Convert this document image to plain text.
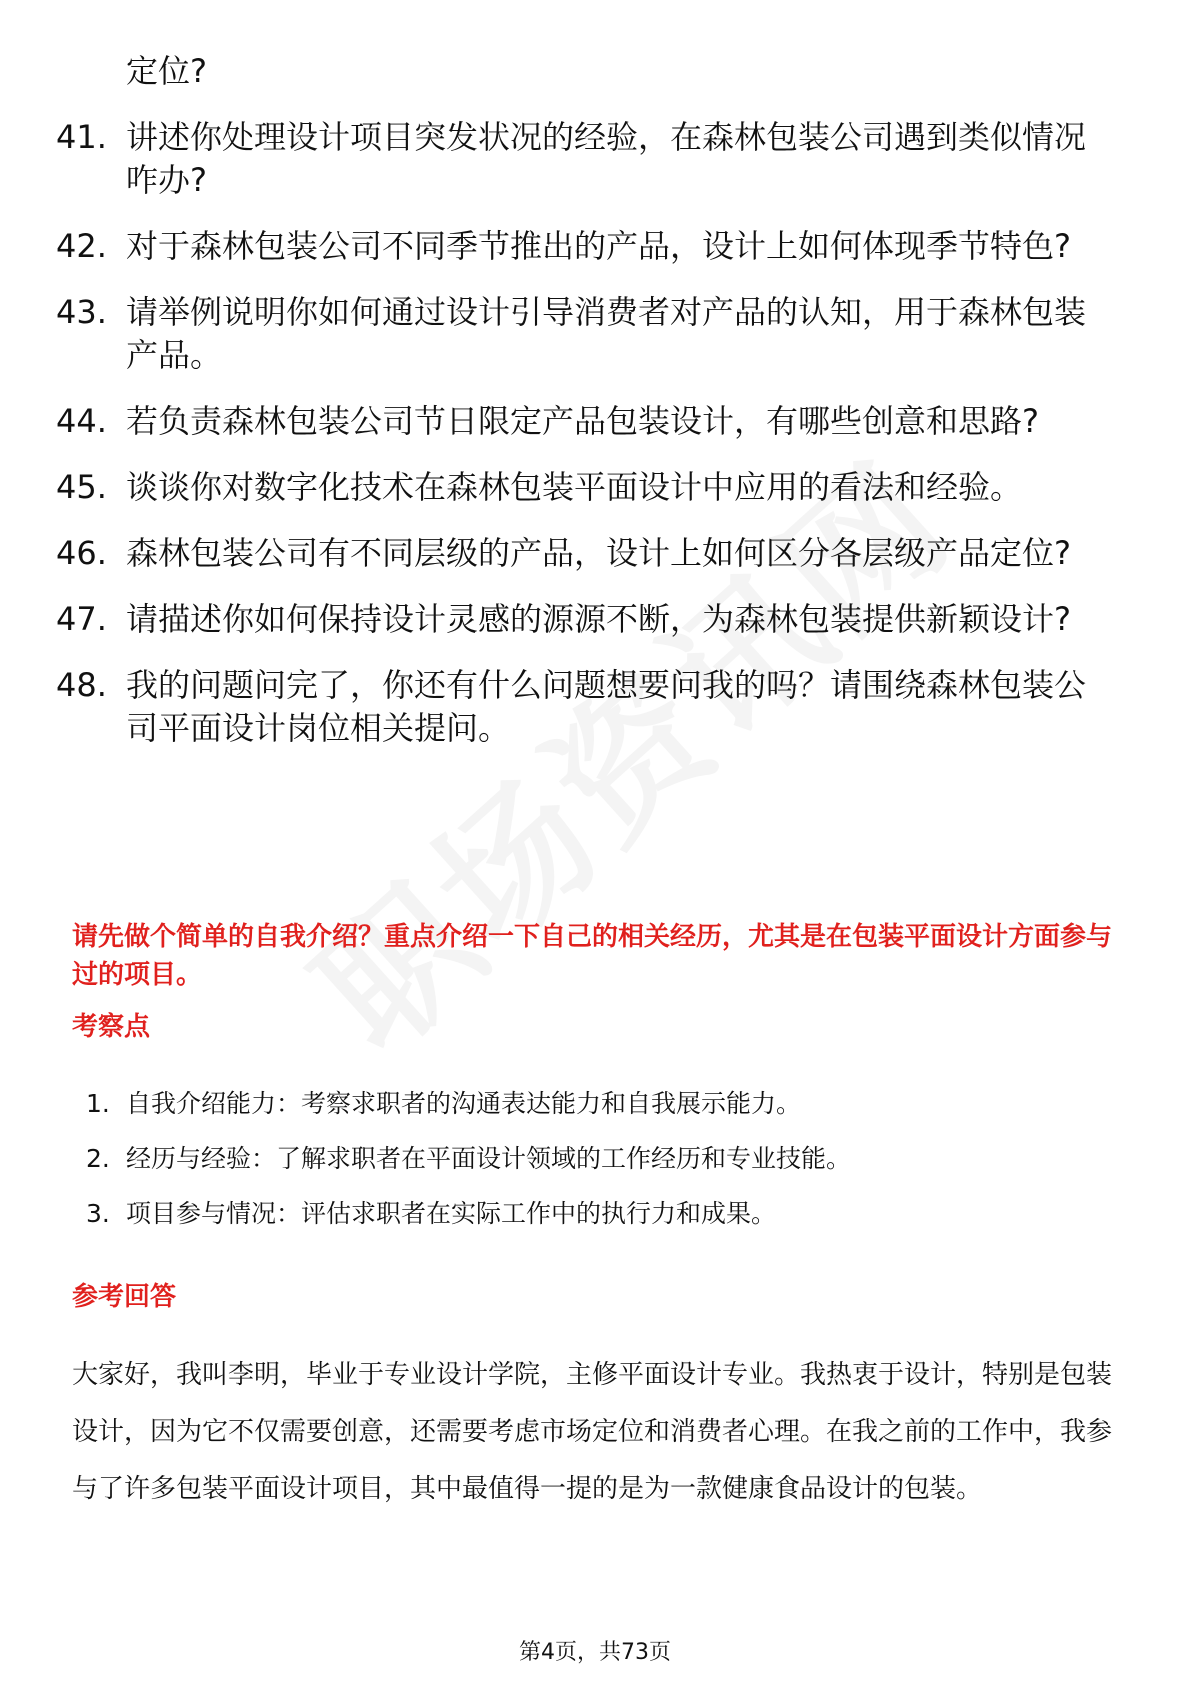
定位?
41. 讲述你处理设计项目突发状况的经验，在森林包装公司遇到类似情况咋办?
42. 对于森林包装公司不同季节推出的产品，设计上如何体现季节特色?
43. 请举例说明你如何通过设计引导消费者对产品的认知，用于森林包装产品。
44. 若负责森林包装公司节日限定产品包装设计，有哪些创意和思路?
45. 谈谈你对数字化技术在森林包装平面设计中应用的看法和经验。
46. 森林包装公司有不同层级的产品，设计上如何区分各层级产品定位?
47. 请描述你如何保持设计灵感的源源不断，为森林包装提供新颖设计?
48. 我的问题问完了，你还有什么问题想要问我的吗？请围绕森林包装公司平面设计岗位相关提问。
请先做个简单的自我介绍？重点介绍一下自己的相关经历，尤其是在包装平面设计方面参与过的项目。
考察点
1. 自我介绍能力：考察求职者的沟通表达能力和自我展示能力。
2. 经历与经验：了解求职者在平面设计领域的工作经历和专业技能。
3. 项目参与情况：评估求职者在实际工作中的执行力和成果。
参考回答
大家好，我叫李明，毕业于专业设计学院，主修平面设计专业。我热衷于设计，特别是包装设计，因为它不仅需要创意，还需要考虑市场定位和消费者心理。在我之前的工作中，我参与了许多包装平面设计项目，其中最值得一提的是为一款健康食品设计的包装。
第4页，共73页
